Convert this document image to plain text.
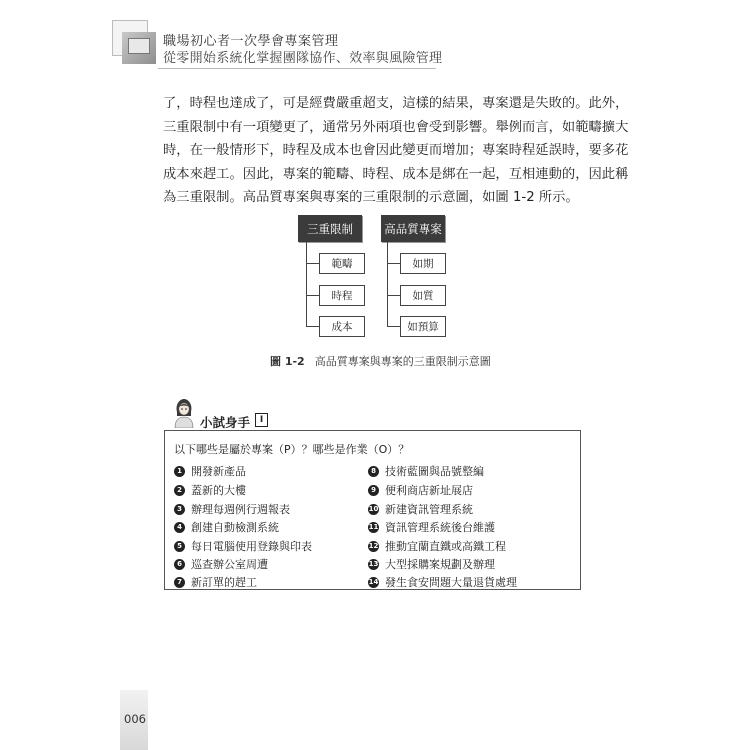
職場初心者一次學會專案管理
從零開始系統化掌握團隊協作、效率與風險管理
了，時程也達成了，可是經費嚴重超支，這樣的結果，專案還是失敗的。此外，
三重限制中有一項變更了，通常另外兩項也會受到影響。舉例而言，如範疇擴大
時，在一般情形下，時程及成本也會因此變更而增加；專案時程延誤時，要多花
成本來趕工。因此，專案的範疇、時程、成本是綁在一起，互相連動的，因此稱
為三重限制。高品質專案與專案的三重限制的示意圖，如圖 1-2 所示。
三重限制	高品質專案
範疇
時程
成本
如期
如質
如預算
圖 1-2 高品質專案與專案的三重限制示意圖
小試身手	I
以下哪些是屬於專案（P）？哪些是作業（O）？
1 開發新產品
2 蓋新的大樓
3 辦理每週例行週報表
4 創建自動檢測系統
5 每日電腦使用登錄與印表
6 巡查辦公室周遭
7 新訂單的趕工
8 技術藍圖與品號整編
9 便利商店新址展店
10 新建資訊管理系統
11 資訊管理系統後台維護
12 推動宜蘭直鐵或高鐵工程
13 大型採購案規劃及辦理
14 發生食安問題大量退貨處理
006
